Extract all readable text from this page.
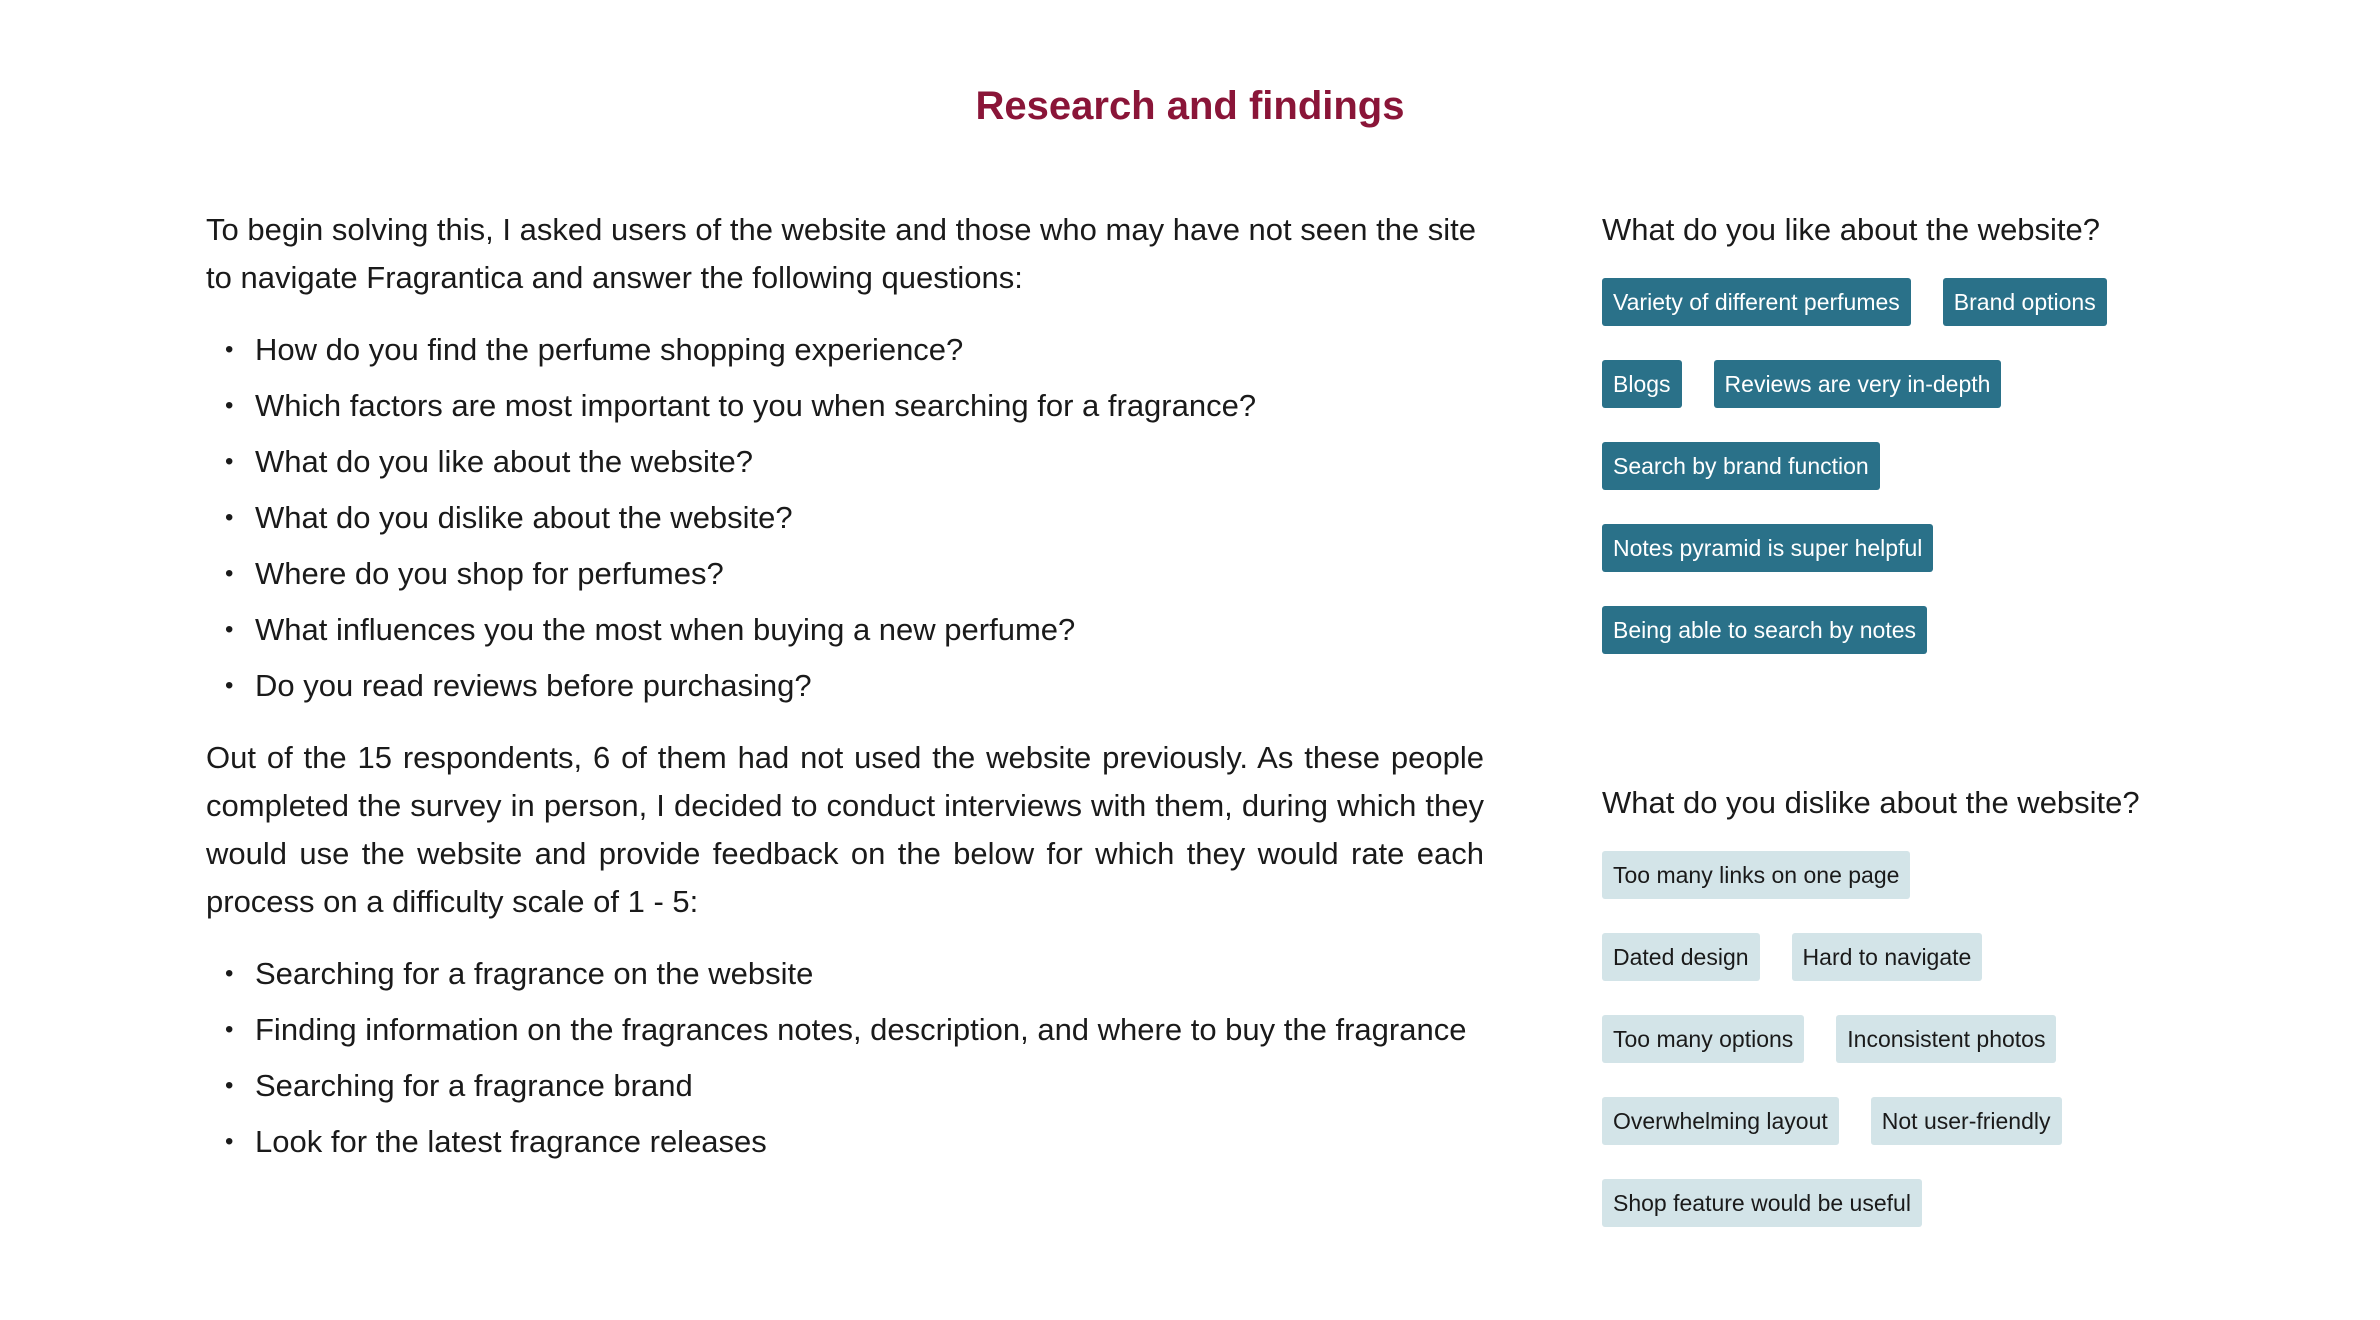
Research and findings

To begin solving this, I asked users of the website and those who may have not seen the site to navigate Fragrantica and answer the following questions:

• How do you find the perfume shopping experience?
• Which factors are most important to you when searching for a fragrance?
• What do you like about the website?
• What do you dislike about the website?
• Where do you shop for perfumes?
• What influences you the most when buying a new perfume?
• Do you read reviews before purchasing?

Out of the 15 respondents, 6 of them had not used the website previously. As these people completed the survey in person, I decided to conduct interviews with them, during which they would use the website and provide feedback on the below for which they would rate each process on a difficulty scale of 1 - 5:

• Searching for a fragrance on the website
• Finding information on the fragrances notes, description, and where to buy the fragrance
• Searching for a fragrance brand
• Look for the latest fragrance releases
What do you like about the website?
Variety of different perfumes	Brand options
Blogs	Reviews are very in-depth
Search by brand function
Notes pyramid is super helpful
Being able to search by notes
What do you dislike about the website?
Too many links on one page
Dated design	Hard to navigate
Too many options	Inconsistent photos
Overwhelming layout	Not user-friendly
Shop feature would be useful
